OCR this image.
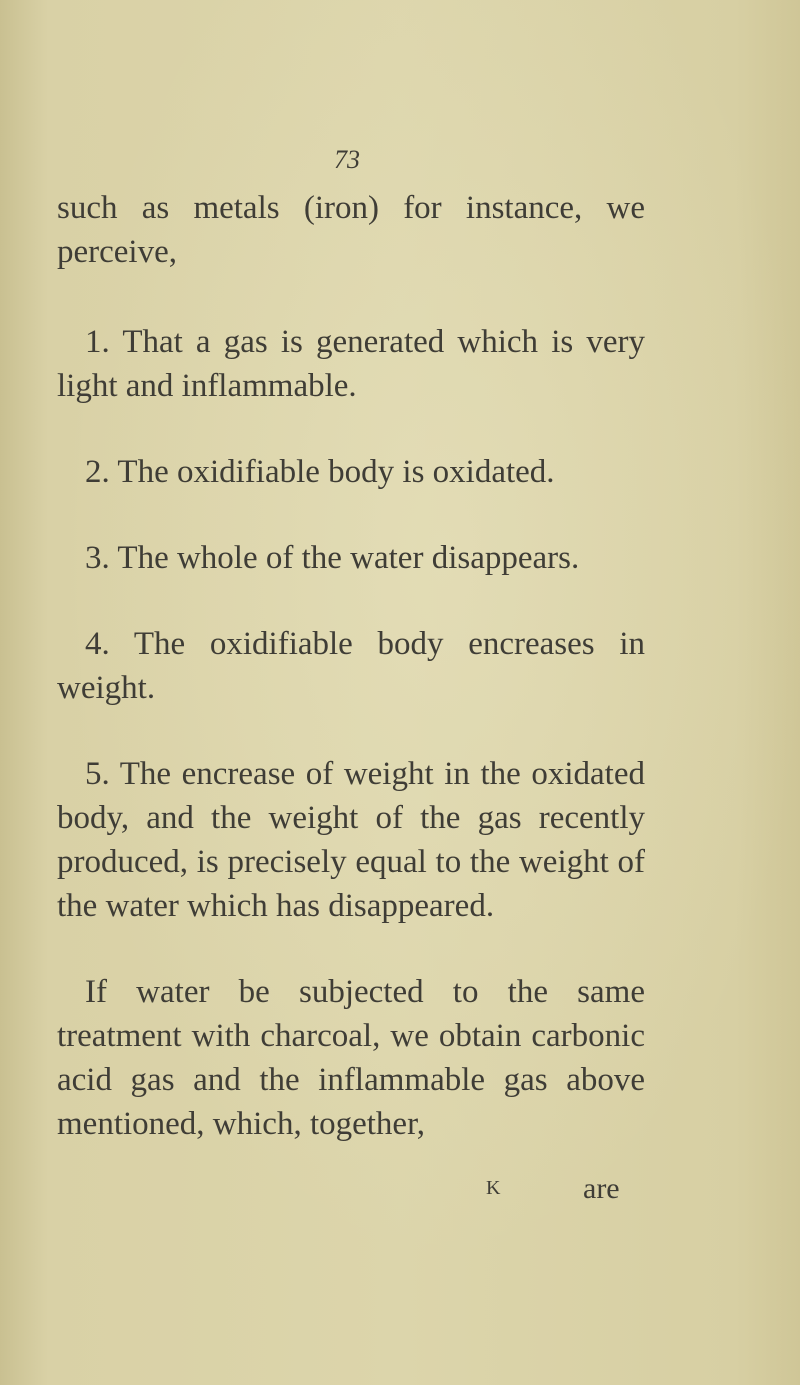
73

such as metals (iron) for instance, we perceive,

1. That a gas is generated which is very light and inflammable.

2. The oxidifiable body is oxidated.

3. The whole of the water disappears.

4. The oxidifiable body encreases in weight.

5. The encrease of weight in the oxidated body, and the weight of the gas recently produced, is precisely equal to the weight of the water which has disappeared.

If water be subjected to the same treatment with charcoal, we obtain carbonic acid gas and the inflammable gas above mentioned, which, together,

K	are
